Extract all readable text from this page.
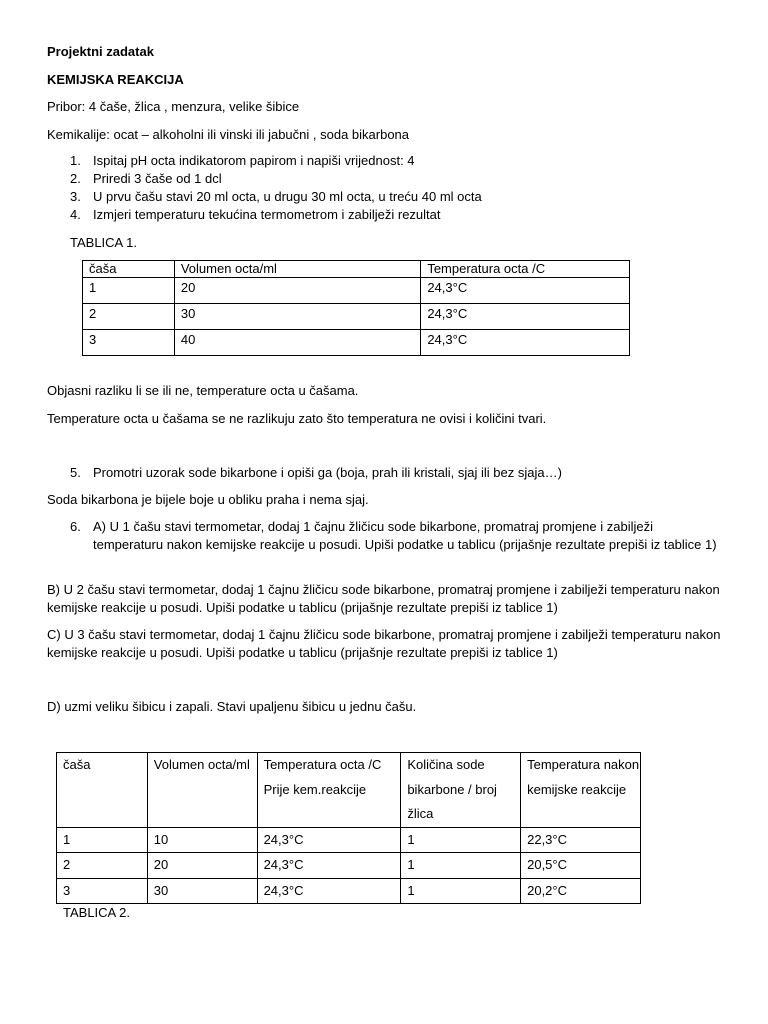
Projektni zadatak
KEMIJSKA REAKCIJA
Pribor: 4 čaše, žlica , menzura, velike šibice
Kemikalije: ocat – alkoholni ili vinski ili jabučni , soda bikarbona
1. Ispitaj pH octa indikatorom papirom i napiši vrijednost: 4
2. Priredi 3 čaše od 1 dcl
3. U prvu čašu stavi 20 ml octa, u drugu 30 ml octa, u treću 40 ml octa
4. Izmjeri temperaturu tekućina termometrom i zabilježi rezultat
TABLICA 1.
čaša	Volumen octa/ml	Temperatura octa /C
1	20	24,3°C
2	30	24,3°C
3	40	24,3°C
Objasni razliku li se ili ne, temperature octa u čašama.
Temperature octa u čašama se ne razlikuju zato što temperatura ne ovisi i količini tvari.
5. Promotri uzorak sode bikarbone i opiši ga (boja, prah ili kristali, sjaj ili bez sjaja…)
Soda bikarbona je bijele boje u obliku praha i nema sjaj.
6. A) U 1 čašu stavi termometar, dodaj 1 čajnu žličicu sode bikarbone, promatraj promjene i zabilježi temperaturu nakon kemijske reakcije u posudi. Upiši podatke u tablicu (prijašnje rezultate prepiši iz tablice 1)
B) U 2 čašu stavi termometar, dodaj 1 čajnu žličicu sode bikarbone, promatraj promjene i zabilježi temperaturu nakon kemijske reakcije u posudi. Upiši podatke u tablicu (prijašnje rezultate prepiši iz tablice 1)
C) U 3 čašu stavi termometar, dodaj 1 čajnu žličicu sode bikarbone, promatraj promjene i zabilježi temperaturu nakon kemijske reakcije u posudi. Upiši podatke u tablicu (prijašnje rezultate prepiši iz tablice 1)
D) uzmi veliku šibicu i zapali. Stavi upaljenu šibicu u jednu čašu.
čaša	Volumen octa/ml	Temperatura octa /C Prije kem.reakcije	Količina sode bikarbone / broj žlica	Temperatura nakon kemijske reakcije
1	10	24,3°C	1	22,3°C
2	20	24,3°C	1	20,5°C
3	30	24,3°C	1	20,2°C
TABLICA 2.
